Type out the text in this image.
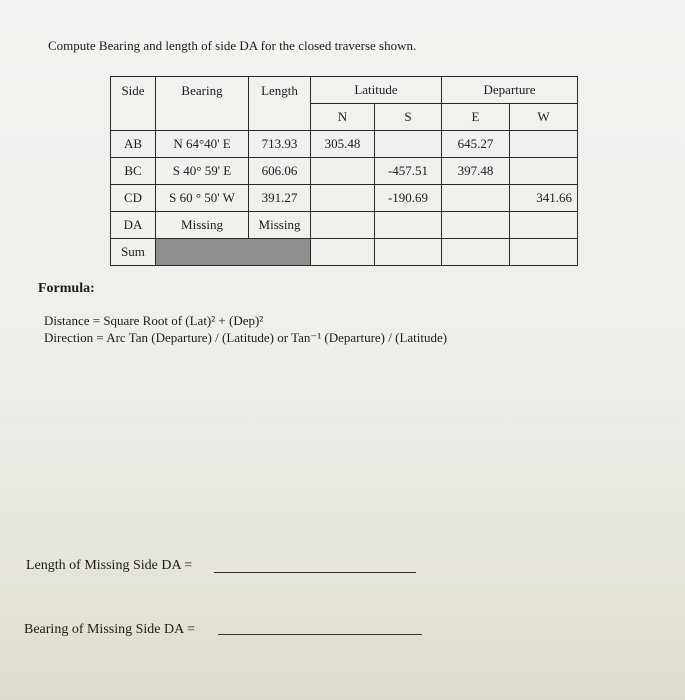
Compute Bearing and length of side DA for the closed traverse shown.
Side	Bearing	Length	Latitude		Departure	
			N	S	E	W
AB	N 64°40' E	713.93	305.48		645.27	
BC	S 40° 59' E	606.06		-457.51	397.48	
CD	S 60 ° 50' W	391.27		-190.69		341.66
DA	Missing	Missing				
Sum						
Formula:
Distance = Square Root of (Lat)² + (Dep)²
Direction = Arc Tan (Departure) / (Latitude) or Tan⁻¹ (Departure) / (Latitude)
Length of Missing Side DA =
Bearing of Missing Side DA =
